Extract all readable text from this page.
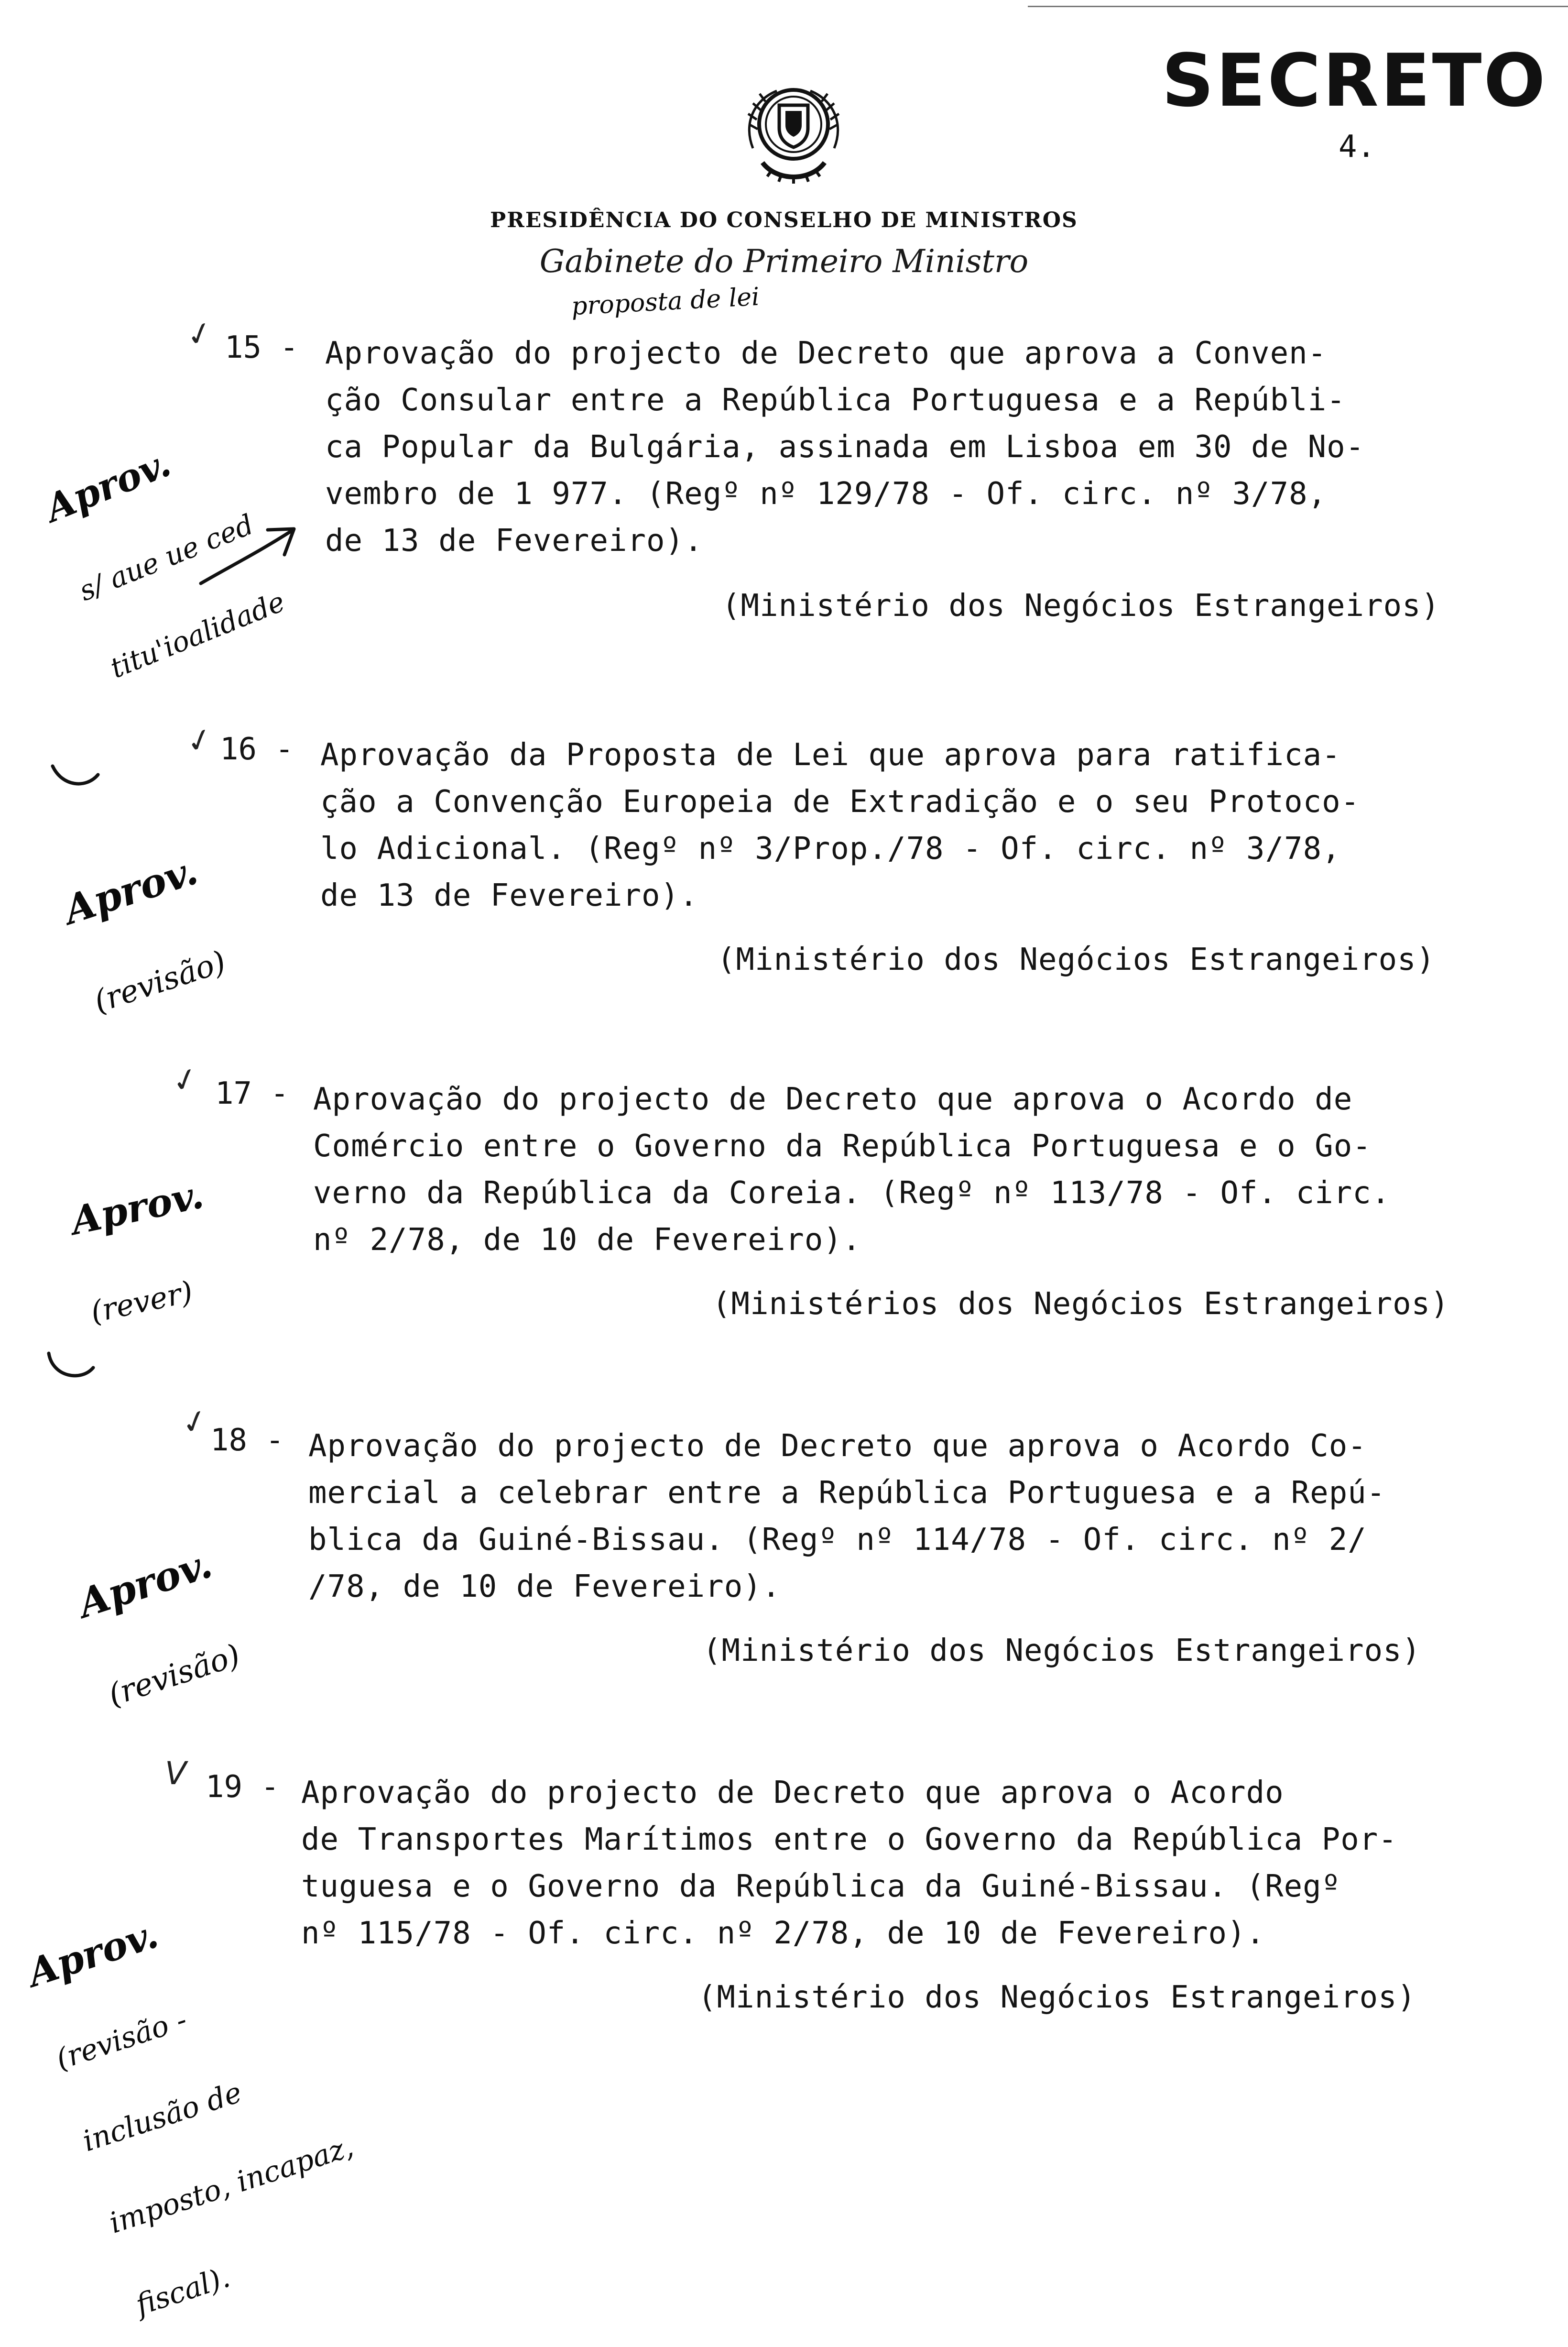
SECRETO
4.
PRESIDÊNCIA DO CONSELHO DE MINISTROS
Gabinete do Primeiro Ministro
proposta de lei
✓ 15 - Aprovação do projecto de Decreto que aprova a Conven-
ção Consular entre a República Portuguesa e a Repúbli-
ca Popular da Bulgária, assinada em Lisboa em 30 de No-
vembro de 1 977. (Regº nº 129/78 - Of. circ. nº 3/78,
de 13 de Fevereiro).
(Ministério dos Negócios Estrangeiros)

Aprov.

s/ aue ue ced

titu'ioalidade

✓ 16 - Aprovação da Proposta de Lei que aprova para ratifica-
ção a Convenção Europeia de Extradição e o seu Protoco-
lo Adicional. (Regº nº 3/Prop./78 - Of. circ. nº 3/78,
de 13 de Fevereiro).
(Ministério dos Negócios Estrangeiros)

Aprov.

(revisão)

✓ 17 - Aprovação do projecto de Decreto que aprova o Acordo de
Comércio entre o Governo da República Portuguesa e o Go-
verno da República da Coreia. (Regº nº 113/78 - Of. circ.
nº 2/78, de 10 de Fevereiro).
(Ministérios dos Negócios Estrangeiros)

Aprov.

(rever)

✓
18 - Aprovação do projecto de Decreto que aprova o Acordo Co-
mercial a celebrar entre a República Portuguesa e a Repú-
blica da Guiné-Bissau. (Regº nº 114/78 - Of. circ. nº 2/
/78, de 10 de Fevereiro).
(Ministério dos Negócios Estrangeiros)

Aprov.

(revisão)

V 19 - Aprovação do projecto de Decreto que aprova o Acordo
de Transportes Marítimos entre o Governo da República Por-
tuguesa e o Governo da República da Guiné-Bissau. (Regº
nº 115/78 - Of. circ. nº 2/78, de 10 de Fevereiro).
(Ministério dos Negócios Estrangeiros)

Aprov.

(revisão -

inclusão de

imposto, incapaz,

fiscal).
